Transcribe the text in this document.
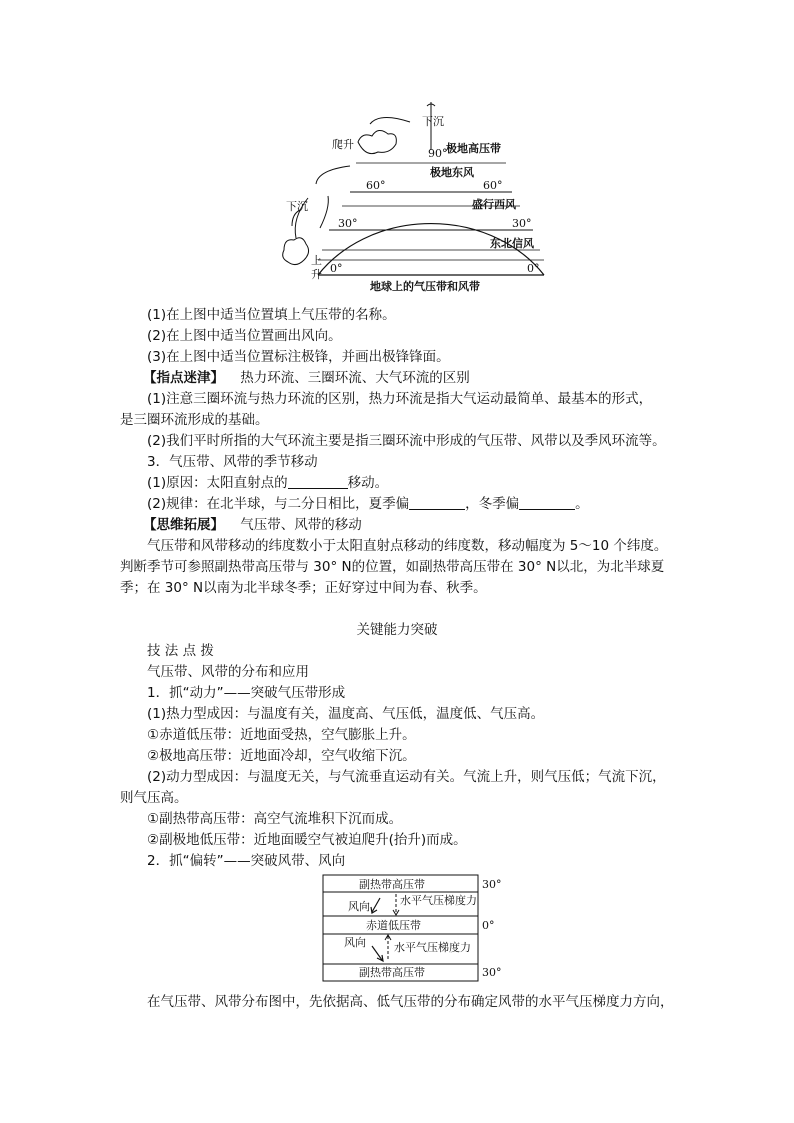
下沉
爬升
下沉
上
升
90°
极地高压带
极地东风
60°	60°
盛行西风
30°	30°
东北信风
0°	0°
地球上的气压带和风带
(1)在上图中适当位置填上气压带的名称。
(2)在上图中适当位置画出风向。
(3)在上图中适当位置标注极锋，并画出极锋锋面。
【指点迷津】 热力环流、三圈环流、大气环流的区别
(1)注意三圈环流与热力环流的区别，热力环流是指大气运动最简单、最基本的形式，
是三圈环流形成的基础。
(2)我们平时所指的大气环流主要是指三圈环流中形成的气压带、风带以及季风环流等。
3．气压带、风带的季节移动
(1)原因：太阳直射点的	移动。
(2)规律：在北半球，与二分日相比，夏季偏	，冬季偏	。
【思维拓展】 气压带、风带的移动
气压带和风带移动的纬度数小于太阳直射点移动的纬度数，移动幅度为 5～10 个纬度。
判断季节可参照副热带高压带与 30° N的位置，如副热带高压带在 30° N以北，为北半球夏
季；在 30° N以南为北半球冬季；正好穿过中间为春、秋季。
关键能力突破
技 法 点 拨
气压带、风带的分布和应用
1．抓“动力”——突破气压带形成
(1)热力型成因：与温度有关，温度高、气压低，温度低、气压高。
①赤道低压带：近地面受热，空气膨胀上升。
②极地高压带：近地面冷却，空气收缩下沉。
(2)动力型成因：与温度无关，与气流垂直运动有关。气流上升，则气压低；气流下沉，
则气压高。
①副热带高压带：高空气流堆积下沉而成。
②副极地低压带：近地面暖空气被迫爬升(抬升)而成。
2．抓“偏转”——突破风带、风向
副热带高压带
风向	水平气压梯度力
赤道低压带
风向	水平气压梯度力
副热带高压带
30°
0°
30°
在气压带、风带分布图中，先依据高、低气压带的分布确定风带的水平气压梯度力方向，
